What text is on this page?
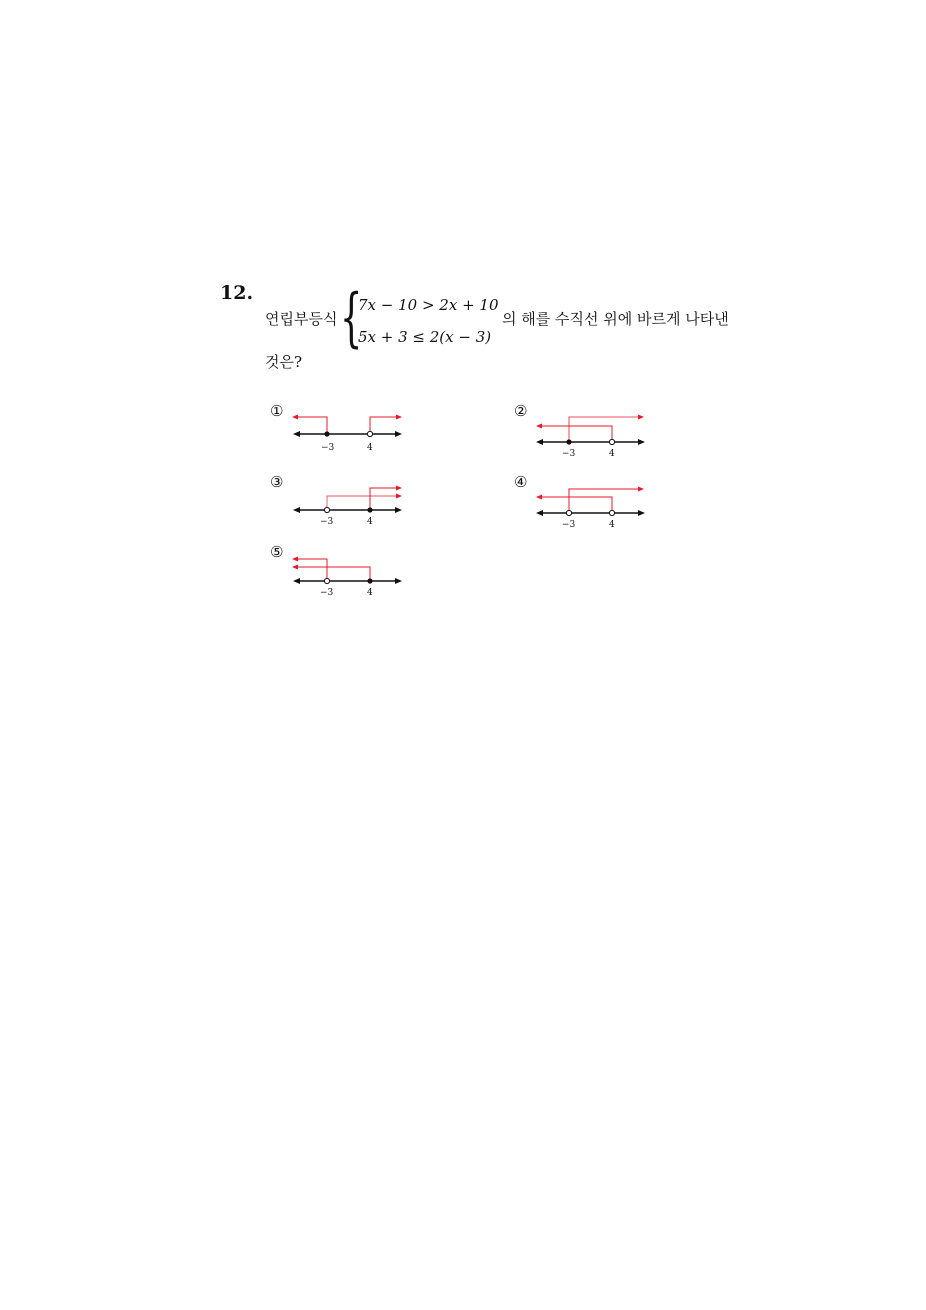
12.
연립부등식 {
7x − 10 > 2x + 10
5x + 3 ≤ 2(x − 3)
의 해를 수직선 위에 바르게 나타낸
것은?
①
−3	4
②
−3	4
③
−3	4
④
−3	4
⑤
−3	4
